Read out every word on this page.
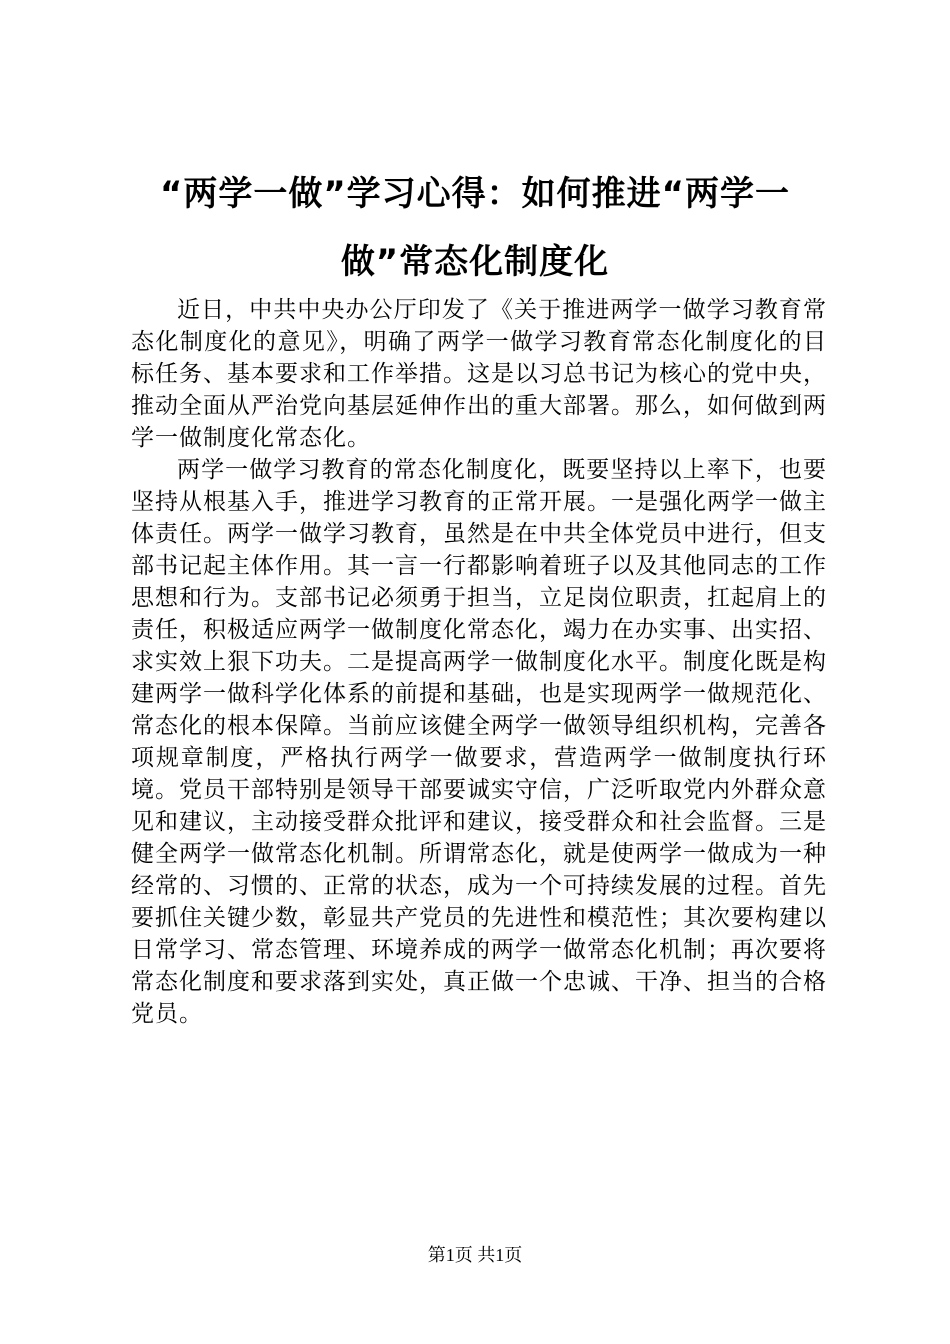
“两学一做”学习心得：如何推进“两学一做”常态化制度化

近日，中共中央办公厅印发了《关于推进两学一做学习教育常态化制度化的意见》，明确了两学一做学习教育常态化制度化的目标任务、基本要求和工作举措。这是以习总书记为核心的党中央，推动全面从严治党向基层延伸作出的重大部署。那么，如何做到两学一做制度化常态化。

两学一做学习教育的常态化制度化，既要坚持以上率下，也要坚持从根基入手，推进学习教育的正常开展。一是强化两学一做主体责任。两学一做学习教育，虽然是在中共全体党员中进行，但支部书记起主体作用。其一言一行都影响着班子以及其他同志的工作思想和行为。支部书记必须勇于担当，立足岗位职责，扛起肩上的责任，积极适应两学一做制度化常态化，竭力在办实事、出实招、求实效上狠下功夫。二是提高两学一做制度化水平。制度化既是构建两学一做科学化体系的前提和基础，也是实现两学一做规范化、常态化的根本保障。当前应该健全两学一做领导组织机构，完善各项规章制度，严格执行两学一做要求，营造两学一做制度执行环境。党员干部特别是领导干部要诚实守信，广泛听取党内外群众意见和建议，主动接受群众批评和建议，接受群众和社会监督。三是健全两学一做常态化机制。所谓常态化，就是使两学一做成为一种经常的、习惯的、正常的状态，成为一个可持续发展的过程。首先要抓住关键少数，彰显共产党员的先进性和模范性；其次要构建以日常学习、常态管理、环境养成的两学一做常态化机制；再次要将常态化制度和要求落到实处，真正做一个忠诚、干净、担当的合格党员。

第1页 共1页
